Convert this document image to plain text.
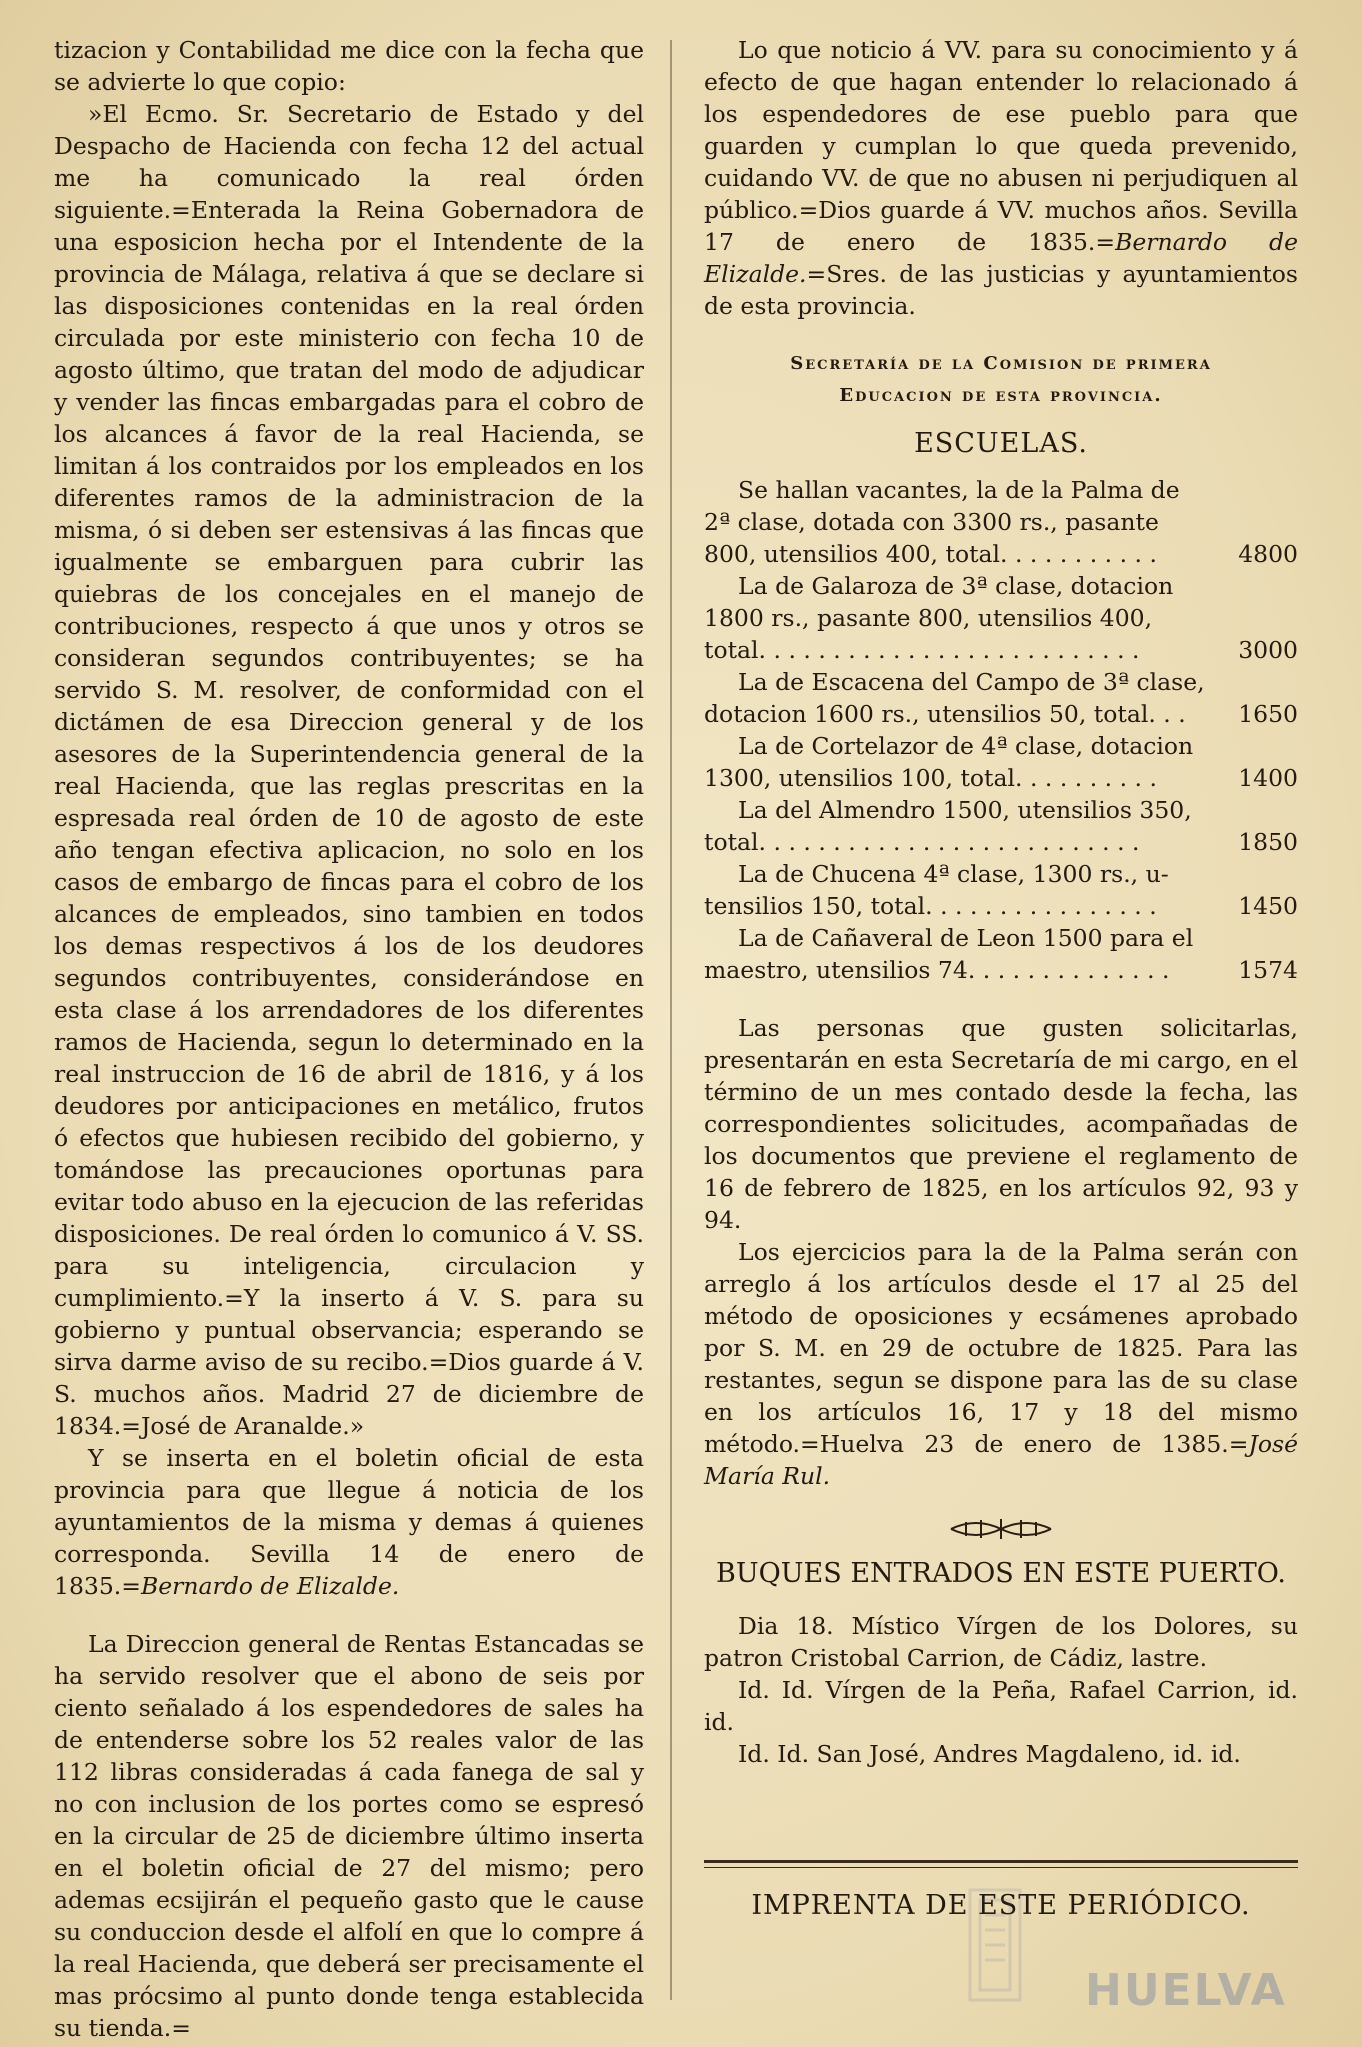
tizacion y Contabilidad me dice con la fecha que se advierte lo que copio:

»El Ecmo. Sr. Secretario de Estado y del Despacho de Hacienda con fecha 12 del actual me ha comunicado la real órden siguiente.=Enterada la Reina Gobernadora de una esposicion hecha por el Intendente de la provincia de Málaga, relativa á que se declare si las disposiciones contenidas en la real órden circulada por este ministerio con fecha 10 de agosto último, que tratan del modo de adjudicar y vender las fincas embargadas para el cobro de los alcances á favor de la real Hacienda, se limitan á los contraidos por los empleados en los diferentes ramos de la administracion de la misma, ó si deben ser estensivas á las fincas que igualmente se embarguen para cubrir las quiebras de los concejales en el manejo de contribuciones, respecto á que unos y otros se consideran segundos contribuyentes; se ha servido S. M. resolver, de conformidad con el dictámen de esa Direccion general y de los asesores de la Superintendencia general de la real Hacienda, que las reglas prescritas en la espresada real órden de 10 de agosto de este año tengan efectiva aplicacion, no solo en los casos de embargo de fincas para el cobro de los alcances de empleados, sino tambien en todos los demas respectivos á los de los deudores segundos contribuyentes, considerándose en esta clase á los arrendadores de los diferentes ramos de Hacienda, segun lo determinado en la real instruccion de 16 de abril de 1816, y á los deudores por anticipaciones en metálico, frutos ó efectos que hubiesen recibido del gobierno, y tomándose las precauciones oportunas para evitar todo abuso en la ejecucion de las referidas disposiciones. De real órden lo comunico á V. SS. para su inteligencia, circulacion y cumplimiento.=Y la inserto á V. S. para su gobierno y puntual observancia; esperando se sirva darme aviso de su recibo.=Dios guarde á V. S. muchos años. Madrid 27 de diciembre de 1834.=José de Aranalde.»

Y se inserta en el boletin oficial de esta provincia para que llegue á noticia de los ayuntamientos de la misma y demas á quienes corresponda. Sevilla 14 de enero de 1835.=Bernardo de Elizalde.

La Direccion general de Rentas Estancadas se ha servido resolver que el abono de seis por ciento señalado á los espendedores de sales ha de entenderse sobre los 52 reales valor de las 112 libras consideradas á cada fanega de sal y no con inclusion de los portes como se espresó en la circular de 25 de diciembre último inserta en el boletin oficial de 27 del mismo; pero ademas ecsijirán el pequeño gasto que le cause su conduccion desde el alfolí en que lo compre á la real Hacienda, que deberá ser precisamente el mas prócsimo al punto donde tenga establecida su tienda.=

Lo que noticio á VV. para su conocimiento y á efecto de que hagan entender lo relacionado á los espendedores de ese pueblo para que guarden y cumplan lo que queda prevenido, cuidando VV. de que no abusen ni perjudiquen al público.=Dios guarde á VV. muchos años. Sevilla 17 de enero de 1835.=Bernardo de Elizalde.=Sres. de las justicias y ayuntamientos de esta provincia.

Secretaría de la Comision de primera
Educacion de esta provincia.
ESCUELAS.
Se hallan vacantes, la de la Palma de
2ª clase, dotada con 3300 rs., pasante
800, utensilios 400, total. . . . . . . . . . .	4800
La de Galaroza de 3ª clase, dotacion
1800 rs., pasante 800, utensilios 400,
total. . . . . . . . . . . . . . . . . . . . . . . . . .	3000
La de Escacena del Campo de 3ª clase,
dotacion 1600 rs., utensilios 50, total. . .	1650
La de Cortelazor de 4ª clase, dotacion
1300, utensilios 100, total. . . . . . . . . .	1400
La del Almendro 1500, utensilios 350,
total. . . . . . . . . . . . . . . . . . . . . . . . . .	1850
La de Chucena 4ª clase, 1300 rs., u-
tensilios 150, total. . . . . . . . . . . . . . . .	1450
La de Cañaveral de Leon 1500 para el
maestro, utensilios 74. . . . . . . . . . . . . .	1574

Las personas que gusten solicitarlas, presentarán en esta Secretaría de mi cargo, en el término de un mes contado desde la fecha, las correspondientes solicitudes, acompañadas de los documentos que previene el reglamento de 16 de febrero de 1825, en los artículos 92, 93 y 94.

Los ejercicios para la de la Palma serán con arreglo á los artículos desde el 17 al 25 del método de oposiciones y ecsámenes aprobado por S. M. en 29 de octubre de 1825. Para las restantes, segun se dispone para las de su clase en los artículos 16, 17 y 18 del mismo método.=Huelva 23 de enero de 1385.=José María Rul.

BUQUES ENTRADOS EN ESTE PUERTO.

Dia 18. Místico Vírgen de los Dolores, su patron Cristobal Carrion, de Cádiz, lastre.

Id. Id. Vírgen de la Peña, Rafael Carrion, id. id.

Id. Id. San José, Andres Magdaleno, id. id.

IMPRENTA DE ESTE PERIÓDICO.
HUELVA
